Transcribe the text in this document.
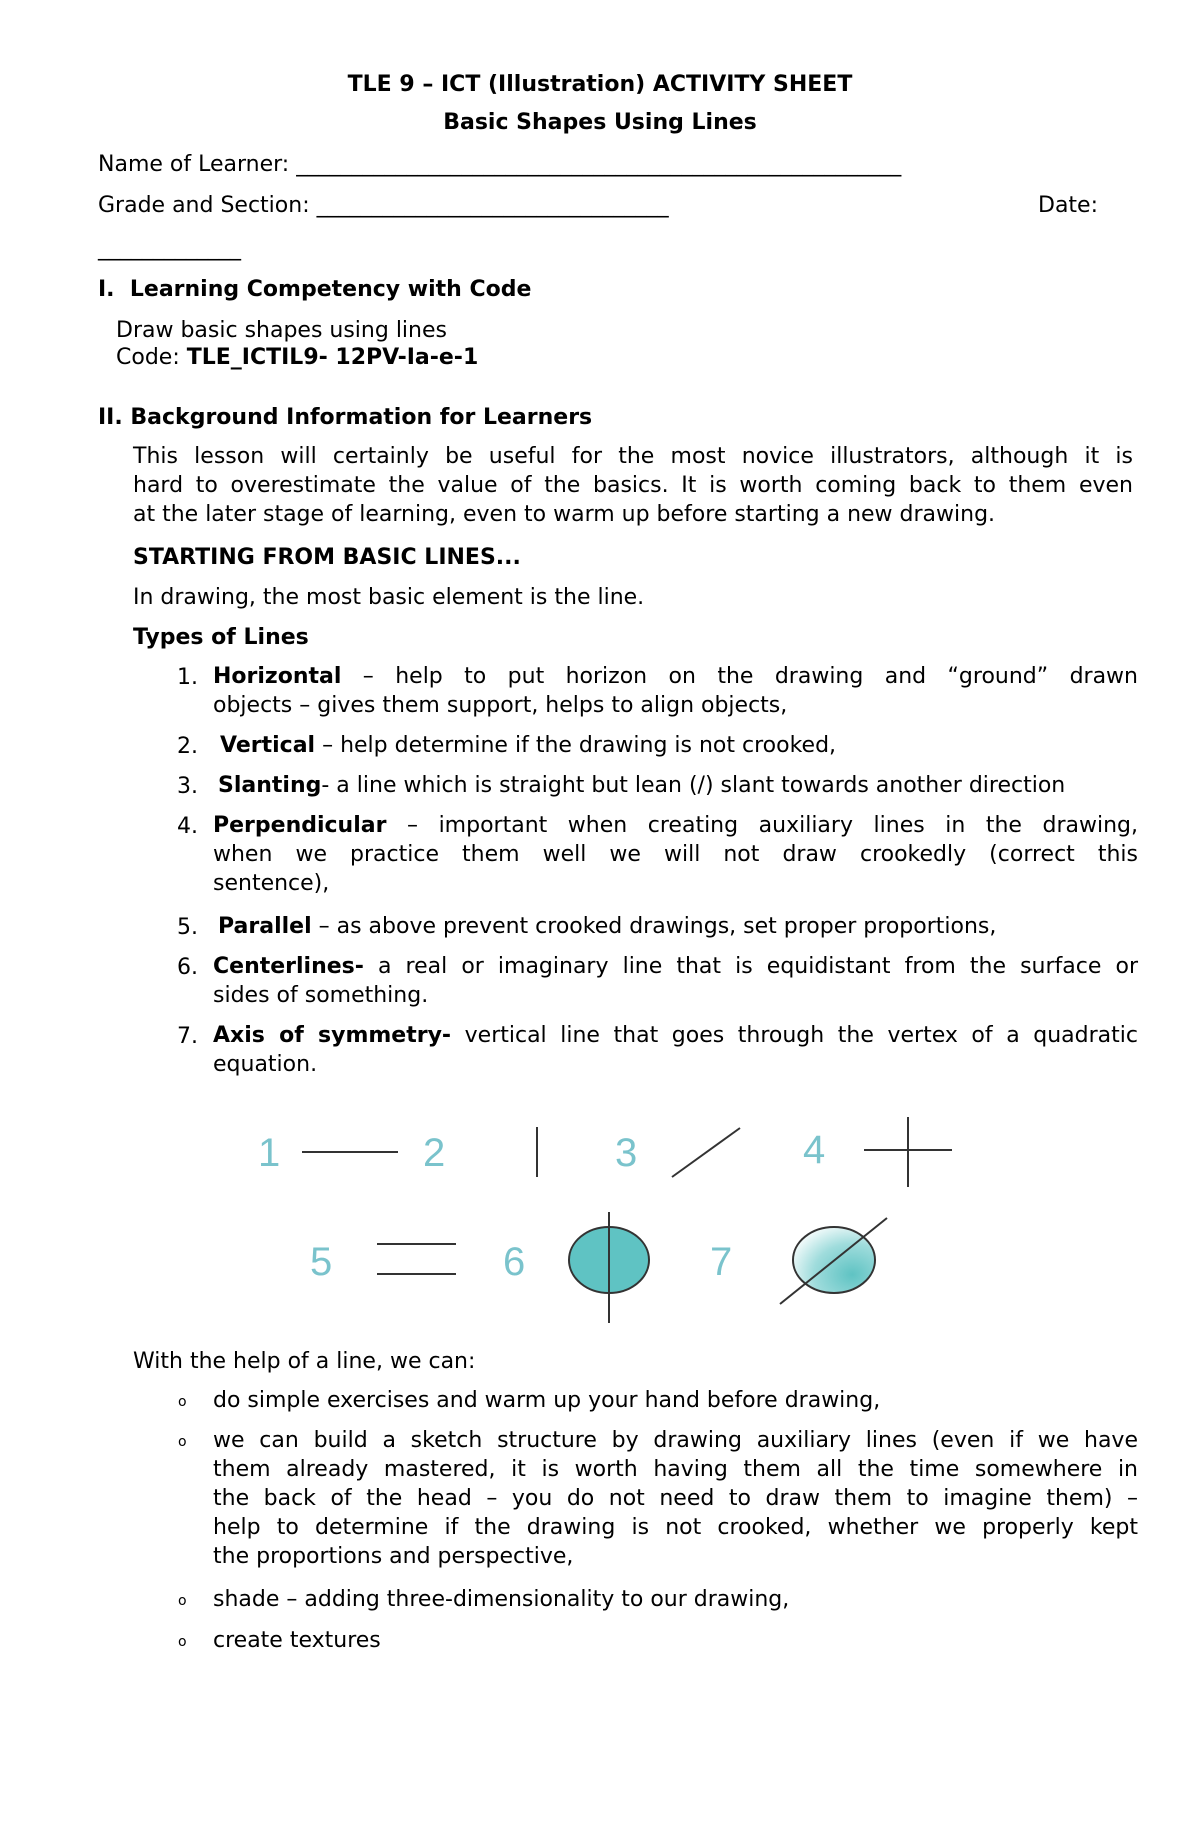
TLE 9 – ICT (Illustration) ACTIVITY SHEET
Basic Shapes Using Lines
Name of Learner: _______________________________________________________
Grade and Section: ________________________________	Date:
_____________
I. Learning Competency with Code
Draw basic shapes using lines
Code: TLE_ICTIL9- 12PV-Ia-e-1
II. Background Information for Learners
This lesson will certainly be useful for the most novice illustrators, although it is
hard to overestimate the value of the basics. It is worth coming back to them even
at the later stage of learning, even to warm up before starting a new drawing.
STARTING FROM BASIC LINES...
In drawing, the most basic element is the line.
Types of Lines
1. Horizontal – help to put horizon on the drawing and “ground” drawn
objects – gives them support, helps to align objects,
2. Vertical – help determine if the drawing is not crooked,
3. Slanting- a line which is straight but lean (/) slant towards another direction
4. Perpendicular – important when creating auxiliary lines in the drawing,
when we practice them well we will not draw crookedly (correct this
sentence),
5. Parallel – as above prevent crooked drawings, set proper proportions,
6. Centerlines- a real or imaginary line that is equidistant from the surface or
sides of something.
7. Axis of symmetry- vertical line that goes through the vertex of a quadratic
equation.
1	2	3	4
5	6	7
With the help of a line, we can:
o do simple exercises and warm up your hand before drawing,
o we can build a sketch structure by drawing auxiliary lines (even if we have
them already mastered, it is worth having them all the time somewhere in
the back of the head – you do not need to draw them to imagine them) –
help to determine if the drawing is not crooked, whether we properly kept
the proportions and perspective,
o shade – adding three-dimensionality to our drawing,
o create textures
